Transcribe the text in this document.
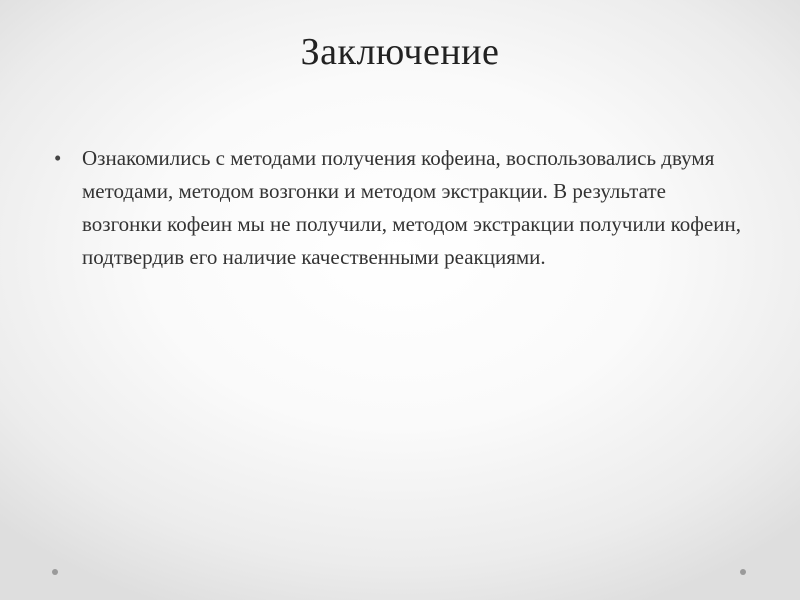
Заключение
• Ознакомились с методами получения кофеина, воспользовались двумя методами, методом возгонки и методом экстракции. В результате возгонки кофеин мы не получили, методом экстракции получили кофеин, подтвердив его наличие качественными реакциями.
